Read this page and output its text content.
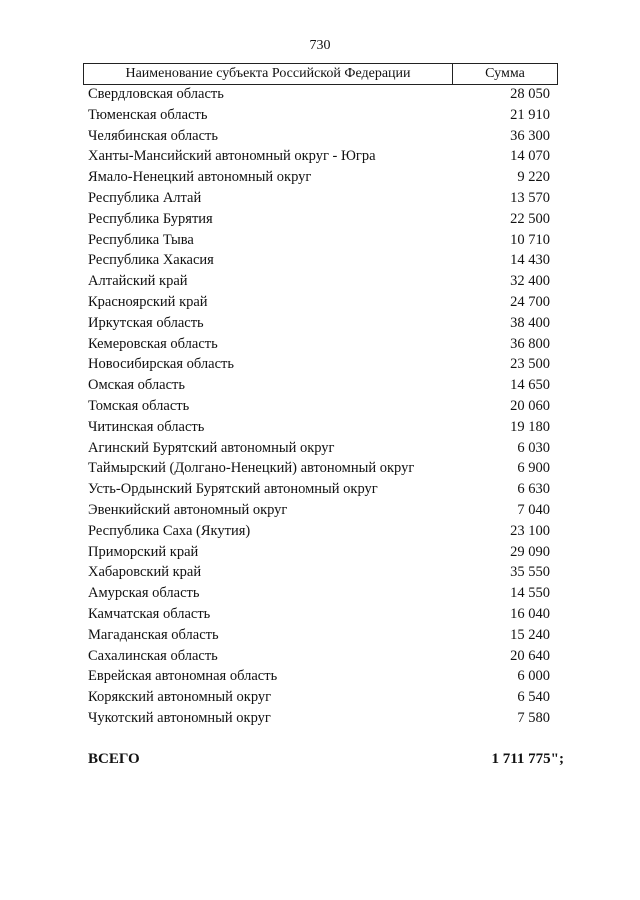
730
Наименование субъекта Российской Федерации	Сумма
Свердловская область	28 050
Тюменская область	21 910
Челябинская область	36 300
Ханты-Мансийский автономный округ - Югра	14 070
Ямало-Ненецкий автономный округ	9 220
Республика Алтай	13 570
Республика Бурятия	22 500
Республика Тыва	10 710
Республика Хакасия	14 430
Алтайский край	32 400
Красноярский край	24 700
Иркутская область	38 400
Кемеровская область	36 800
Новосибирская область	23 500
Омская область	14 650
Томская область	20 060
Читинская область	19 180
Агинский Бурятский автономный округ	6 030
Таймырский (Долгано-Ненецкий) автономный округ	6 900
Усть-Ордынский Бурятский автономный округ	6 630
Эвенкийский автономный округ	7 040
Республика Саха (Якутия)	23 100
Приморский край	29 090
Хабаровский край	35 550
Амурская область	14 550
Камчатская область	16 040
Магаданская область	15 240
Сахалинская область	20 640
Еврейская автономная область	6 000
Корякский автономный округ	6 540
Чукотский автономный округ	7 580
ВСЕГО	1 711 775";
